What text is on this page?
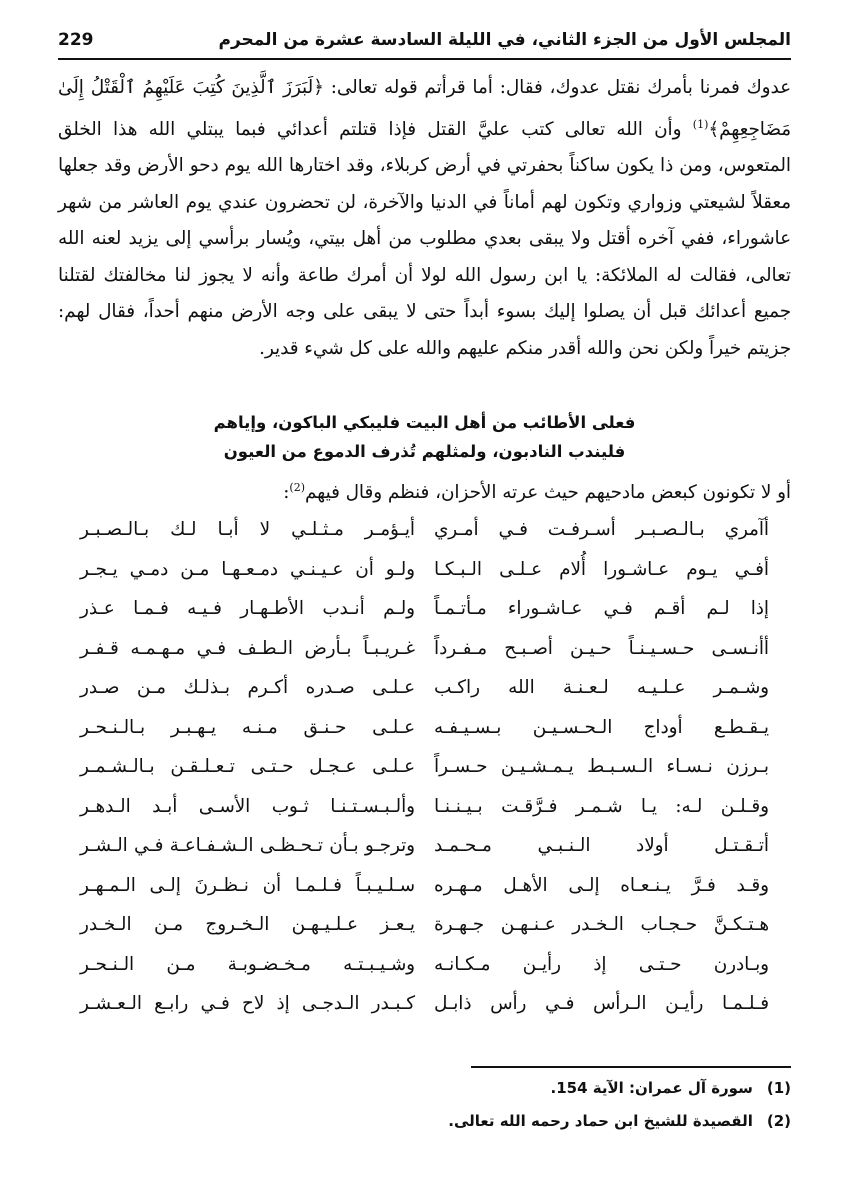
المجلس الأول من الجزء الثاني، في الليلة السادسة عشرة من المحرم
229

عدوك فمرنا بأمرك نقتل عدوك، فقال: أما قرأتم قوله تعالى: ﴿لَبَرَزَ ٱلَّذِينَ كُتِبَ عَلَيْهِمُ ٱلْقَتْلُ إِلَىٰ مَضَاجِعِهِمْ﴾$^{(1)}$ وأن الله تعالى كتب عليَّ القتل فإذا قتلتم أعدائي فبما يبتلي الله هذا الخلق المتعوس، ومن ذا يكون ساكناً بحفرتي في أرض كربلاء، وقد اختارها الله يوم دحو الأرض وقد جعلها معقلاً لشيعتي وزواري وتكون لهم أماناً في الدنيا والآخرة، لن تحضرون عندي يوم العاشر من شهر عاشوراء، ففي آخره أقتل ولا يبقى بعدي مطلوب من أهل بيتي، ويُسار برأسي إلى يزيد لعنه الله تعالى، فقالت له الملائكة: يا ابن رسول الله لولا أن أمرك طاعة وأنه لا يجوز لنا مخالفتك لقتلنا جميع أعدائك قبل أن يصلوا إليك بسوء أبداً حتى لا يبقى على وجه الأرض منهم أحداً، فقال لهم: جزيتم خيراً ولكن نحن والله أقدر منكم عليهم والله على كل شيء قدير.

فعلى الأطائب من أهل البيت فليبكي الباكون، وإياهم
فليندب النادبون، ولمثلهم تُذرف الدموع من العيون
أو لا تكونون كبعض مادحيهم حيث عرته الأحزان، فنظم وقال فيهم$^{(2)}$:
أآمري بـالـصـبـر أسـرفـت فـي أمـري
أيـؤمـر مـثـلـي لا أبـا لـك بـالـصـبـر
أفـي يـوم عـاشـورا أُلام عـلـى الـبـكـا
ولـو أن عـيـنـي دمـعـهـا مـن دمـي يـجـر
إذا لـم أقـم فـي عـاشـوراء مـأتـمـاً
ولـم أنـدب الأطـهـار فـيـه فـمـا عـذر
أأنـسـى حـسـيـنـاً حـيـن أصـبـح مـفـرداً
غـريـبـاً بـأرض الـطـف فـي مـهـمـه قـفـر
وشـمـر عـلـيـه لـعـنـة الله راكـب
عـلـى صـدره أكـرم بـذلـك مـن صـدر
يـقـطـع أوداج الـحـسـيـن بـسـيـفـه
عـلـى حـنـق مـنـه يـهـبـر بـالـنـحـر
بـرزن نـسـاء الـسـبـط يـمـشـيـن حـسـراً
عـلـى عـجـل حـتـى تـعـلـقـن بـالـشـمـر
وقـلـن لـه: يـا شـمـر فـرَّقـت بـيـنـنـا
وألـبـسـتـنـا ثـوب الأسـى أبـد الـدهـر
أتـقـتـل أولاد الـنـبـي مـحـمـد
وترجـو بـأن تـحـظـى الـشـفـاعـة فـي الـشـر
وقـد فـرَّ يـنـعـاه إلـى الأهـل مـهـره
سـلـيـبـاً فـلـمـا أن نـظـرنَ إلـى الـمـهـر
هـتـكـنَّ حـجـاب الـخـدر عـنـهـن جـهـرة
يـعـز عـلـيـهـن الـخـروج مـن الـخـدر
وبـادرن حـتـى إذ رأيـن مـكـانـه
وشـيـبـتـه مـخـضـوبـة مـن الـنـحـر
فـلـمـا رأيـن الـرأس فـي رأس ذابـل
كـبـدر الـدجـى إذ لاح فـي رابـع الـعـشـر
(1)سورة آل عمران: الآية 154.
(2)القصيدة للشيخ ابن حماد رحمه الله تعالى.
